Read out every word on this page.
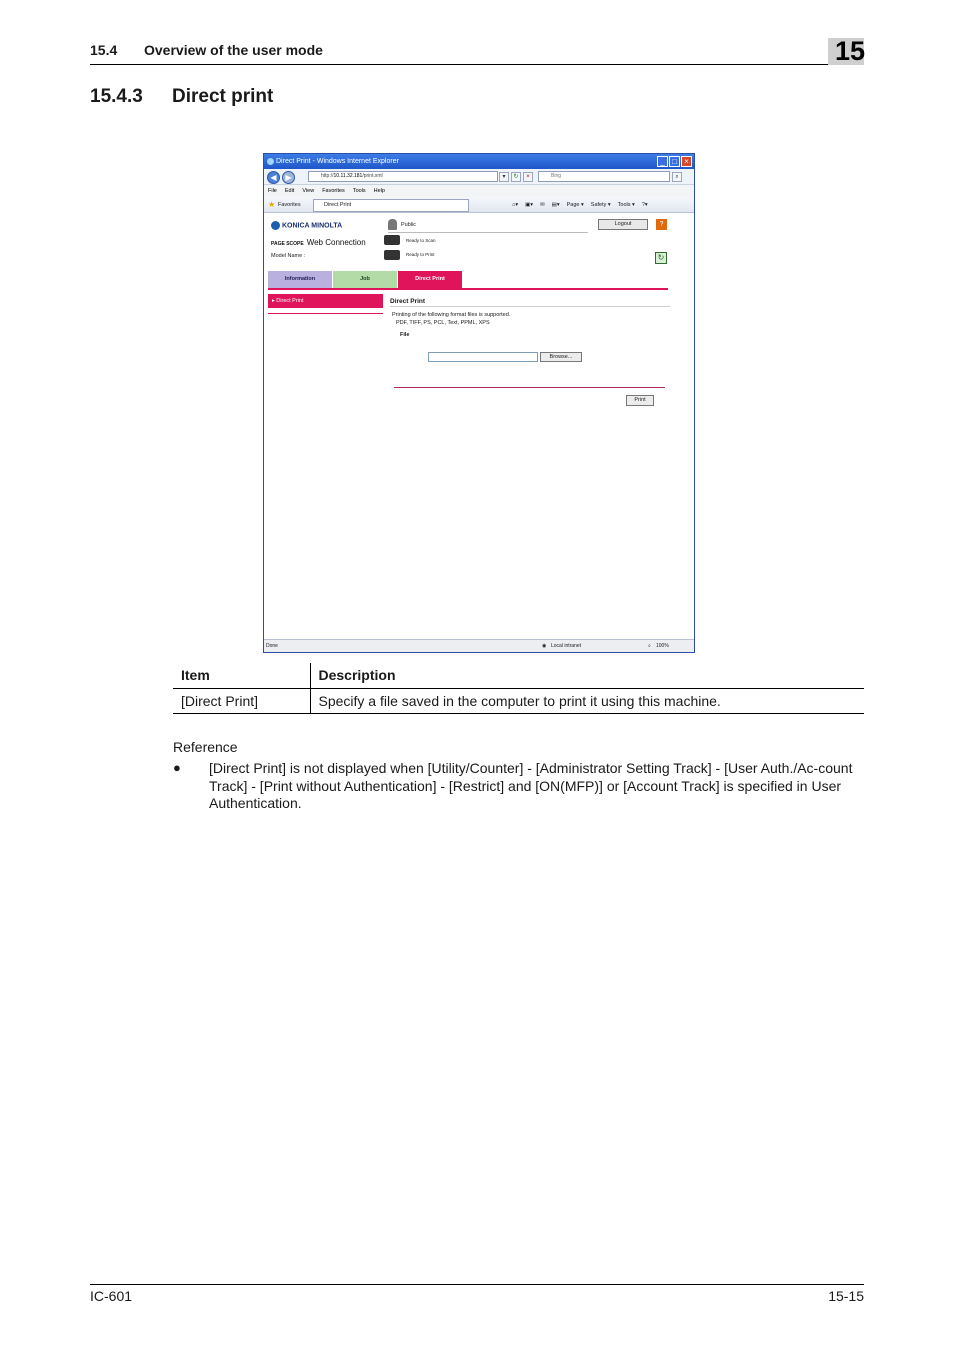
15.4 Overview of the user mode	15
15.4.3 Direct print
Direct Print - Windows Internet Explorer	_ □ ×
◀	▶	http://10.11.32.181/print.xml	▾	↻	×	Bing	⌕
File Edit View Favorites Tools Help
★ Favorites	Direct Print	⌂▾ ▣▾ ✉ ▤▾ Page ▾ Safety ▾ Tools ▾ ?▾
KONICA MINOLTA
PAGE SCOPE Web Connection
Model Name :
Public	Logout	?
Ready to Scan
Ready to Print	↻
Information	Job	Direct Print
▸ Direct Print	Direct Print
Printing of the following format files is supported.
PDF, TIFF, PS, PCL, Text, PPML, XPS
File
Browse...
Print
Done	◉ Local intranet	⌕ 100%
Item	Description
[Direct Print]	Specify a file saved in the computer to print it using this machine.
Reference
● [Direct Print] is not displayed when [Utility/Counter] - [Administrator Setting Track] - [User Auth./Ac-count Track] - [Print without Authentication] - [Restrict] and [ON(MFP)] or [Account Track] is specified in User Authentication.
IC-601	15-15
